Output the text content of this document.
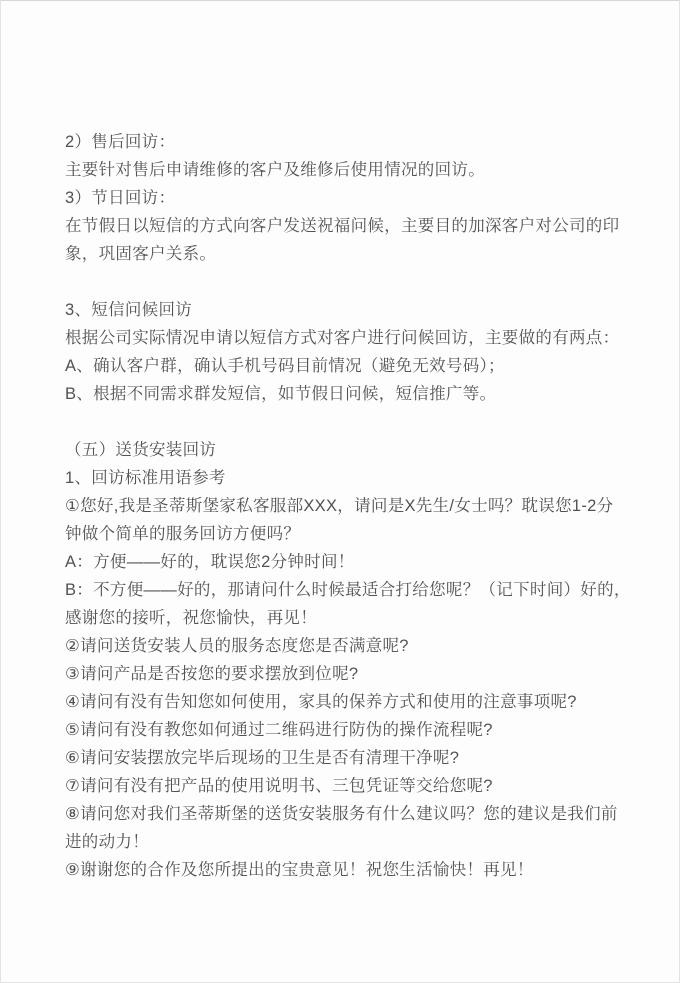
2）售后回访：
主要针对售后申请维修的客户及维修后使用情况的回访。
3）节日回访：
在节假日以短信的方式向客户发送祝福问候，主要目的加深客户对公司的印
象，巩固客户关系。
3、短信问候回访
根据公司实际情况申请以短信方式对客户进行问候回访，主要做的有两点：
A、确认客户群，确认手机号码目前情况（避免无效号码）；
B、根据不同需求群发短信，如节假日问候，短信推广等。
（五）送货安装回访
1、回访标准用语参考
①您好,我是圣蒂斯堡家私客服部XXX，请问是X先生/女士吗？耽误您1-2分
钟做个简单的服务回访方便吗？
A：方便——好的，耽误您2分钟时间！
B：不方便——好的，那请问什么时候最适合打给您呢？（记下时间）好的，
感谢您的接听，祝您愉快，再见！
②请问送货安装人员的服务态度您是否满意呢?
③请问产品是否按您的要求摆放到位呢?
④请问有没有告知您如何使用，家具的保养方式和使用的注意事项呢?
⑤请问有没有教您如何通过二维码进行防伪的操作流程呢?
⑥请问安装摆放完毕后现场的卫生是否有清理干净呢?
⑦请问有没有把产品的使用说明书、三包凭证等交给您呢?
⑧请问您对我们圣蒂斯堡的送货安装服务有什么建议吗？您的建议是我们前
进的动力！
⑨谢谢您的合作及您所提出的宝贵意见！祝您生活愉快！再见！
